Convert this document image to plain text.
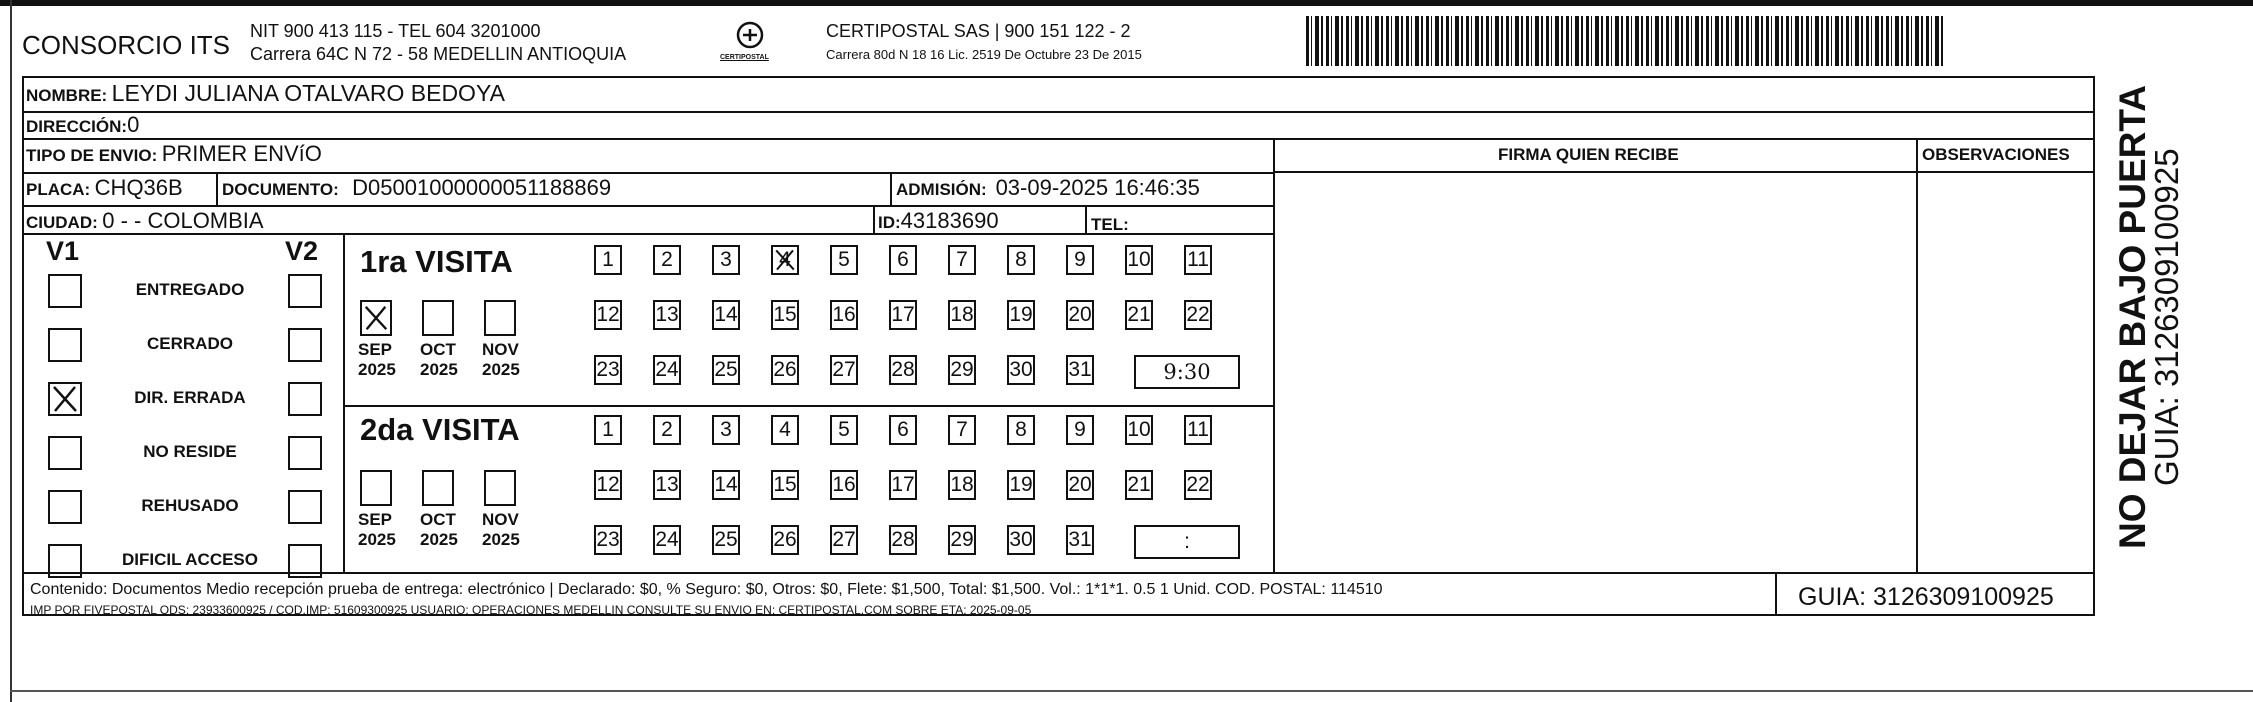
CONSORCIO ITS NIT 900 413 115 - TEL 604 3201000
Carrera 64C N 72 - 58 MEDELLIN ANTIOQUIA	CERTIPOSTAL
CERTIPOSTAL SAS | 900 151 122 - 2
Carrera 80d N 18 16 Lic. 2519 De Octubre 23 De 2015
NOMBRE: LEYDI JULIANA OTALVARO BEDOYA
DIRECCIÓN:0
TIPO DE ENVIO: PRIMER ENVíO	FIRMA QUIEN RECIBE	OBSERVACIONES
PLACA: CHQ36B DOCUMENTO: D05001000000051188869	ADMISIÓN: 03-09-2025 16:46:35
CIUDAD: 0 - - COLOMBIA	ID:43183690	TEL:
V1	V2
ENTREGADO
CERRADO
DIR. ERRADA
NO RESIDE
REHUSADO
DIFICIL ACCESO
1ra VISITA
2da VISITA
SEP
2025
OCT
2025
NOV
2025
1	2	3	4	5	6	7	8	9	10 11
12 13 14 15 16 17 18 19 20 21 22
23 24 25 26 27 28 29 30 31	9:30
SEP
2025
OCT
2025
NOV
2025
1	2	3	4	5	6	7	8	9	10 11
12 13 14 15 16 17 18 19 20 21 22
23 24 25 26 27 28 29 30 31	:
Contenido: Documentos Medio recepción prueba de entrega: electrónico | Declarado: $0, % Seguro: $0, Otros: $0, Flete: $1,500, Total: $1,500. Vol.: 1*1*1. 0.5 1 Unid. COD. POSTAL: 114510
IMP POR FIVEPOSTAL ODS: 23933600925 / COD.IMP: 51609300925 USUARIO: OPERACIONES MEDELLIN CONSULTE SU ENVIO EN: CERTIPOSTAL.COM SOBRE ETA: 2025-09-05	GUIA: 3126309100925
NO DEJAR BAJO PUERTA
GUIA: 3126309100925
